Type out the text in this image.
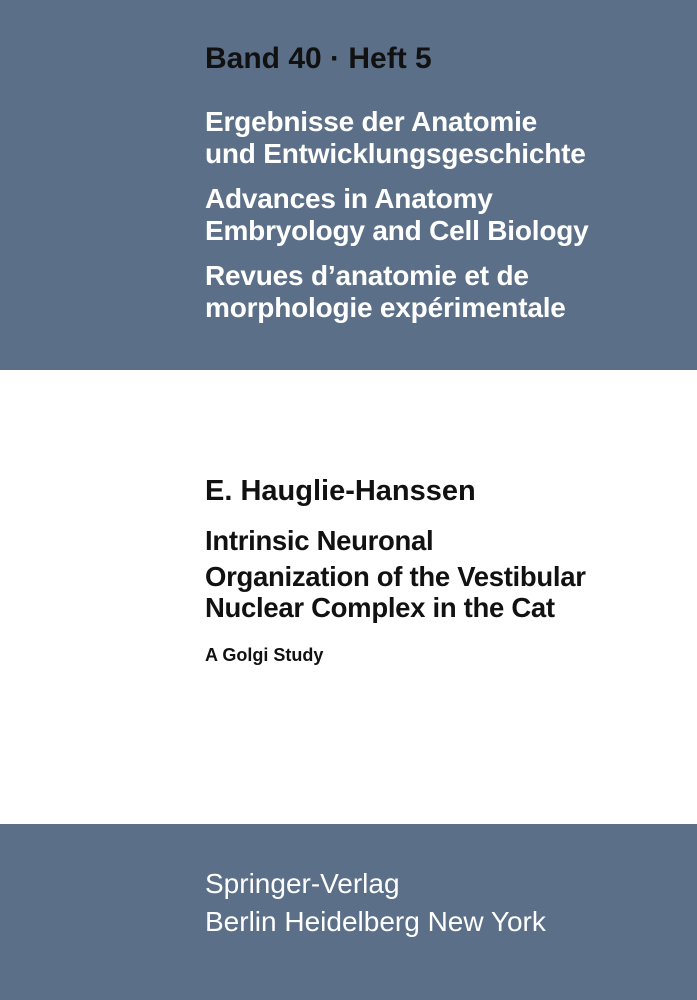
Band 40 · Heft 5
Ergebnisse der Anatomie
und Entwicklungsgeschichte
Advances in Anatomy
Embryology and Cell Biology
Revues d’anatomie et de
morphologie expérimentale
E. Hauglie-Hanssen
Intrinsic Neuronal
Organization of the Vestibular
Nuclear Complex in the Cat
A Golgi Study
Springer-Verlag
Berlin Heidelberg New York
